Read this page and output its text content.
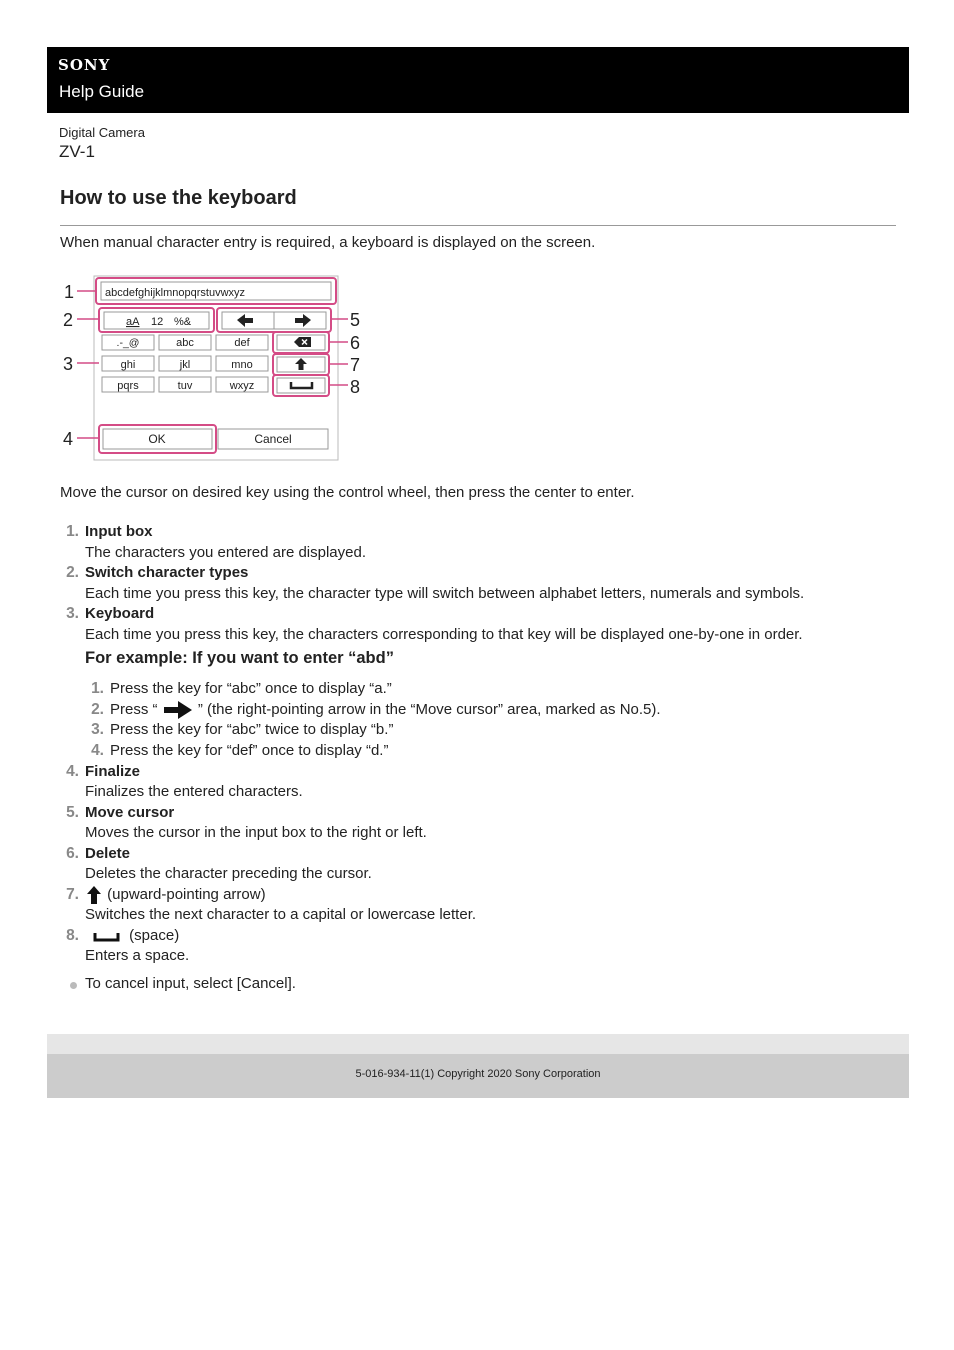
SONY
Help Guide
Digital Camera
ZV-1
How to use the keyboard

When manual character entry is required, a keyboard is displayed on the screen.

abcdefghijklmnopqrstuvwxyz
aA 12 %&
.-_@	abc	def
ghi	jkl	mno
pqrs	tuv	wxyz
OK	Cancel
1
2
3
4
5
6
7
8

Move the cursor on desired key using the control wheel, then press the center to enter.

1. Input box
The characters you entered are displayed.
2. Switch character types
Each time you press this key, the character type will switch between alphabet letters, numerals and symbols.
3. Keyboard
Each time you press this key, the characters corresponding to that key will be displayed one-by-one in order.
For example: If you want to enter “abd”
1. Press the key for “abc” once to display “a.”
2. Press “	” (the right-pointing arrow in the “Move cursor” area, marked as No.5).
3. Press the key for “abc” twice to display “b.”
4. Press the key for “def” once to display “d.”
4. Finalize
Finalizes the entered characters.
5. Move cursor
Moves the cursor in the input box to the right or left.
6. Delete
Deletes the character preceding the cursor.
7.	(upward-pointing arrow)
Switches the next character to a capital or lowercase letter.
8.	(space)
Enters a space.
To cancel input, select [Cancel].
5-016-934-11(1) Copyright 2020 Sony Corporation
